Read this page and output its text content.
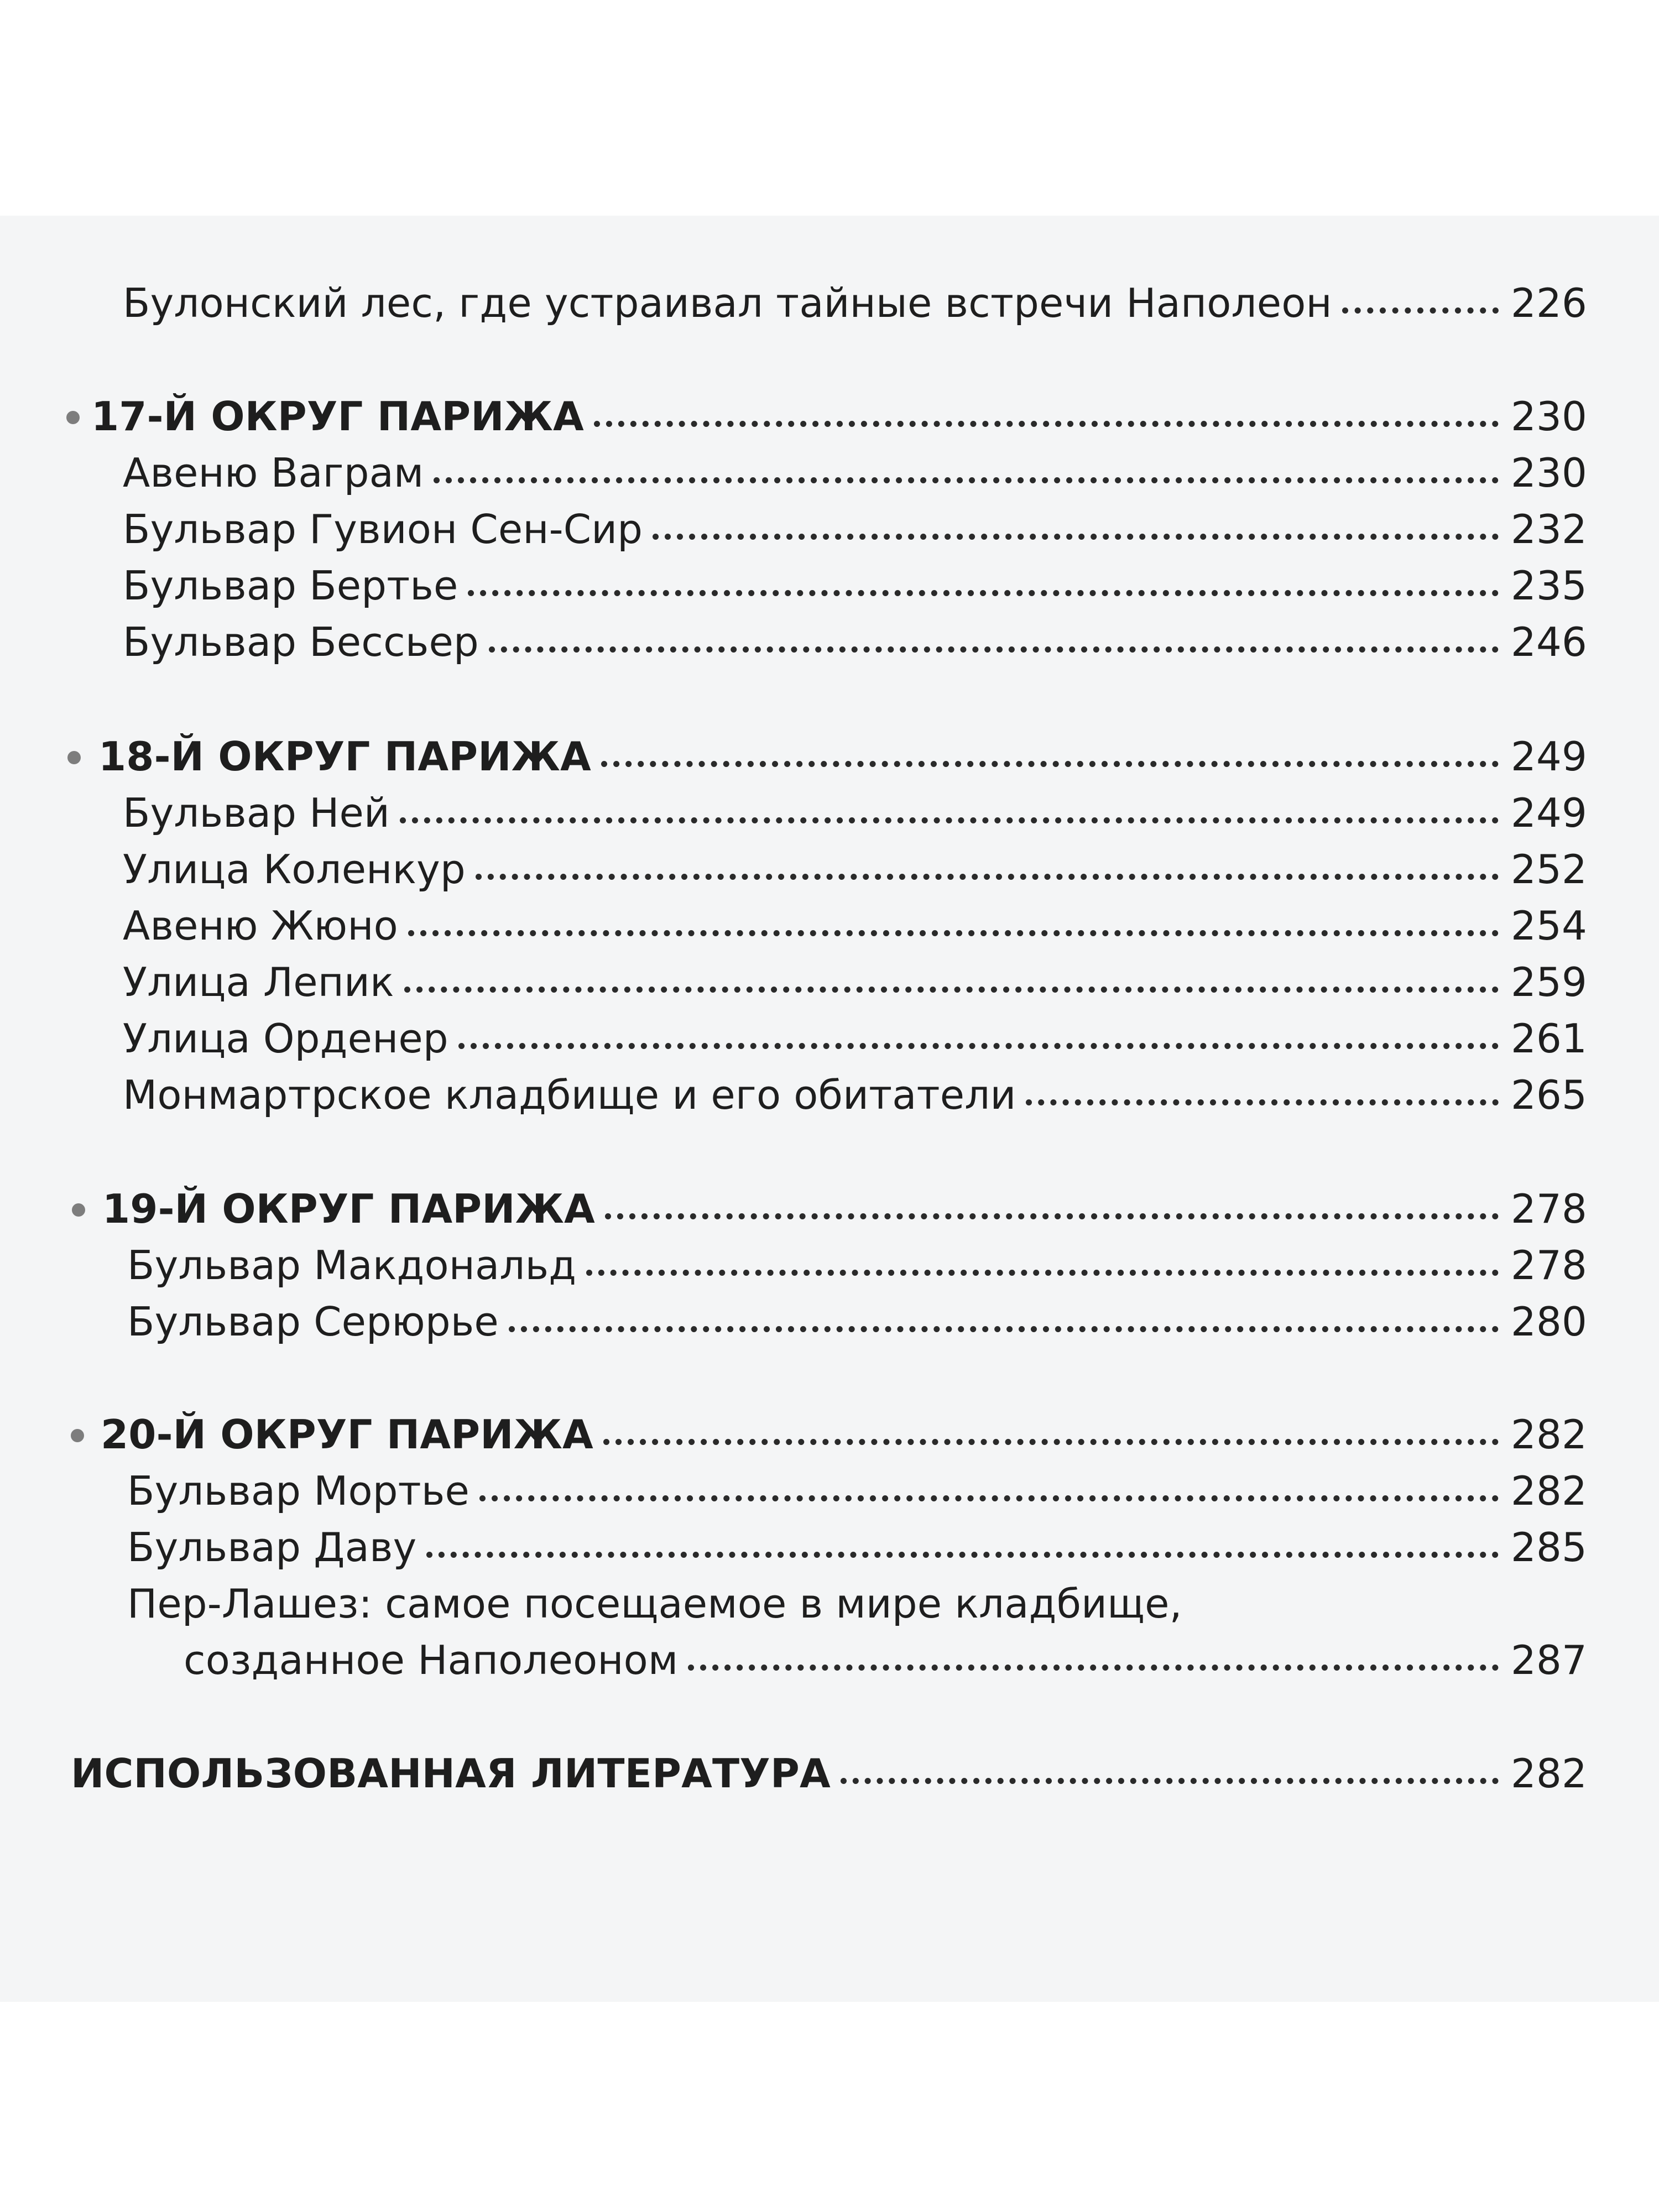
Булонский лес, где устраивал тайные встречи Наполеон	226
17-Й ОКРУГ ПАРИЖА	230
Авеню Ваграм	230
Бульвар Гувион Сен-Сир	232
Бульвар Бертье	235
Бульвар Бессьер	246
18-Й ОКРУГ ПАРИЖА	249
Бульвар Ней	249
Улица Коленкур	252
Авеню Жюно	254
Улица Лепик	259
Улица Орденер	261
Монмартрское кладбище и его обитатели	265
19-Й ОКРУГ ПАРИЖА	278
Бульвар Макдональд	278
Бульвар Серюрье	280
20-Й ОКРУГ ПАРИЖА	282
Бульвар Мортье	282
Бульвар Даву	285
Пер-Лашез: самое посещаемое в мире кладбище,
созданное Наполеоном	287
ИСПОЛЬЗОВАННАЯ ЛИТЕРАТУРА	282
